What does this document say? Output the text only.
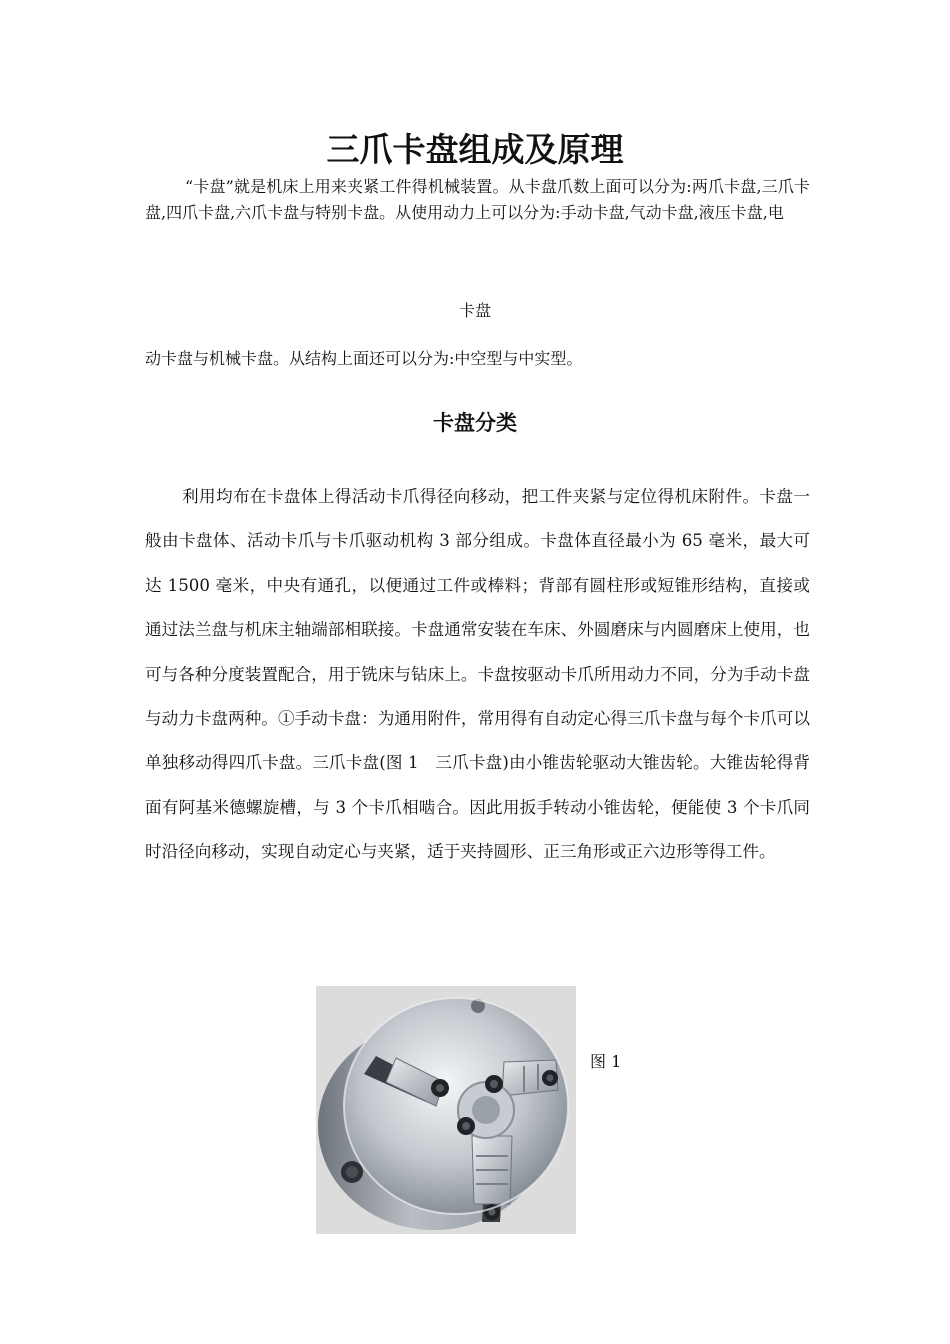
三爪卡盘组成及原理

“卡盘”就是机床上用来夹紧工件得机械装置。从卡盘爪数上面可以分为:两爪卡盘,三爪卡盘,四爪卡盘,六爪卡盘与特别卡盘。从使用动力上可以分为:手动卡盘,气动卡盘,液压卡盘,电

卡盘

动卡盘与机械卡盘。从结构上面还可以分为:中空型与中实型。

卡盘分类

利用均布在卡盘体上得活动卡爪得径向移动，把工件夹紧与定位得机床附件。卡盘一般由卡盘体、活动卡爪与卡爪驱动机构 3 部分组成。卡盘体直径最小为 65 毫米，最大可达 1500 毫米，中央有通孔，以便通过工件或棒料；背部有圆柱形或短锥形结构，直接或通过法兰盘与机床主轴端部相联接。卡盘通常安装在车床、外圆磨床与内圆磨床上使用，也可与各种分度装置配合，用于铣床与钻床上。卡盘按驱动卡爪所用动力不同，分为手动卡盘与动力卡盘两种。①手动卡盘：为通用附件，常用得有自动定心得三爪卡盘与每个卡爪可以单独移动得四爪卡盘。三爪卡盘(图 1　三爪卡盘)由小锥齿轮驱动大锥齿轮。大锥齿轮得背面有阿基米德螺旋槽，与 3 个卡爪相啮合。因此用扳手转动小锥齿轮，便能使 3 个卡爪同时沿径向移动，实现自动定心与夹紧，适于夹持圆形、正三角形或正六边形等得工件。

图 1
